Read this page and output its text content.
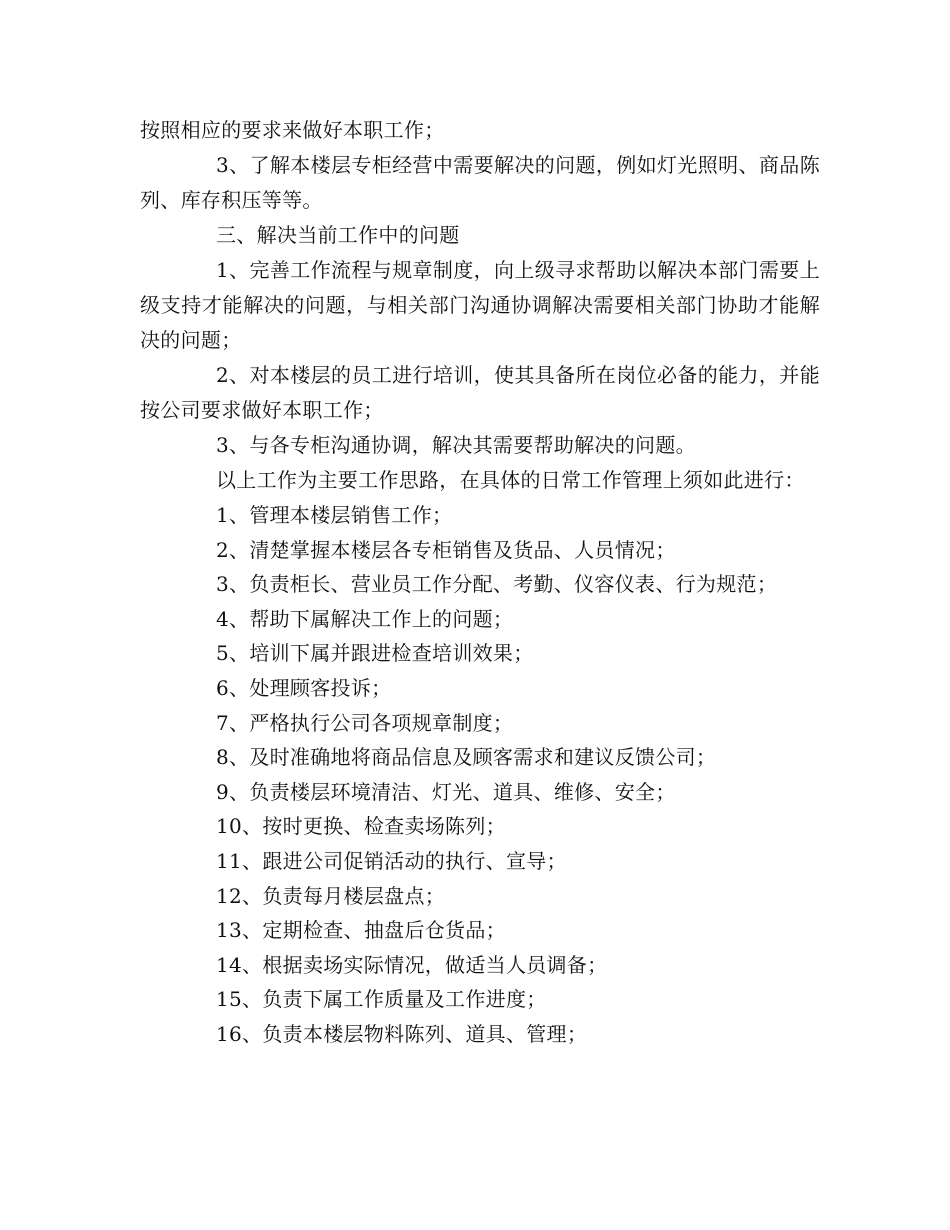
按照相应的要求来做好本职工作；

3、了解本楼层专柜经营中需要解决的问题，例如灯光照明、商品陈列、库存积压等等。

三、解决当前工作中的问题

1、完善工作流程与规章制度，向上级寻求帮助以解决本部门需要上级支持才能解决的问题，与相关部门沟通协调解决需要相关部门协助才能解决的问题；

2、对本楼层的员工进行培训，使其具备所在岗位必备的能力，并能按公司要求做好本职工作；

3、与各专柜沟通协调，解决其需要帮助解决的问题。

以上工作为主要工作思路，在具体的日常工作管理上须如此进行：

1、管理本楼层销售工作；
2、清楚掌握本楼层各专柜销售及货品、人员情况；
3、负责柜长、营业员工作分配、考勤、仪容仪表、行为规范；
4、帮助下属解决工作上的问题；
5、培训下属并跟进检查培训效果；
6、处理顾客投诉；
7、严格执行公司各项规章制度；
8、及时准确地将商品信息及顾客需求和建议反馈公司；
9、负责楼层环境清洁、灯光、道具、维修、安全；
10、按时更换、检查卖场陈列；
11、跟进公司促销活动的执行、宣导；
12、负责每月楼层盘点；
13、定期检查、抽盘后仓货品；
14、根据卖场实际情况，做适当人员调备；
15、负责下属工作质量及工作进度；
16、负责本楼层物料陈列、道具、管理；
